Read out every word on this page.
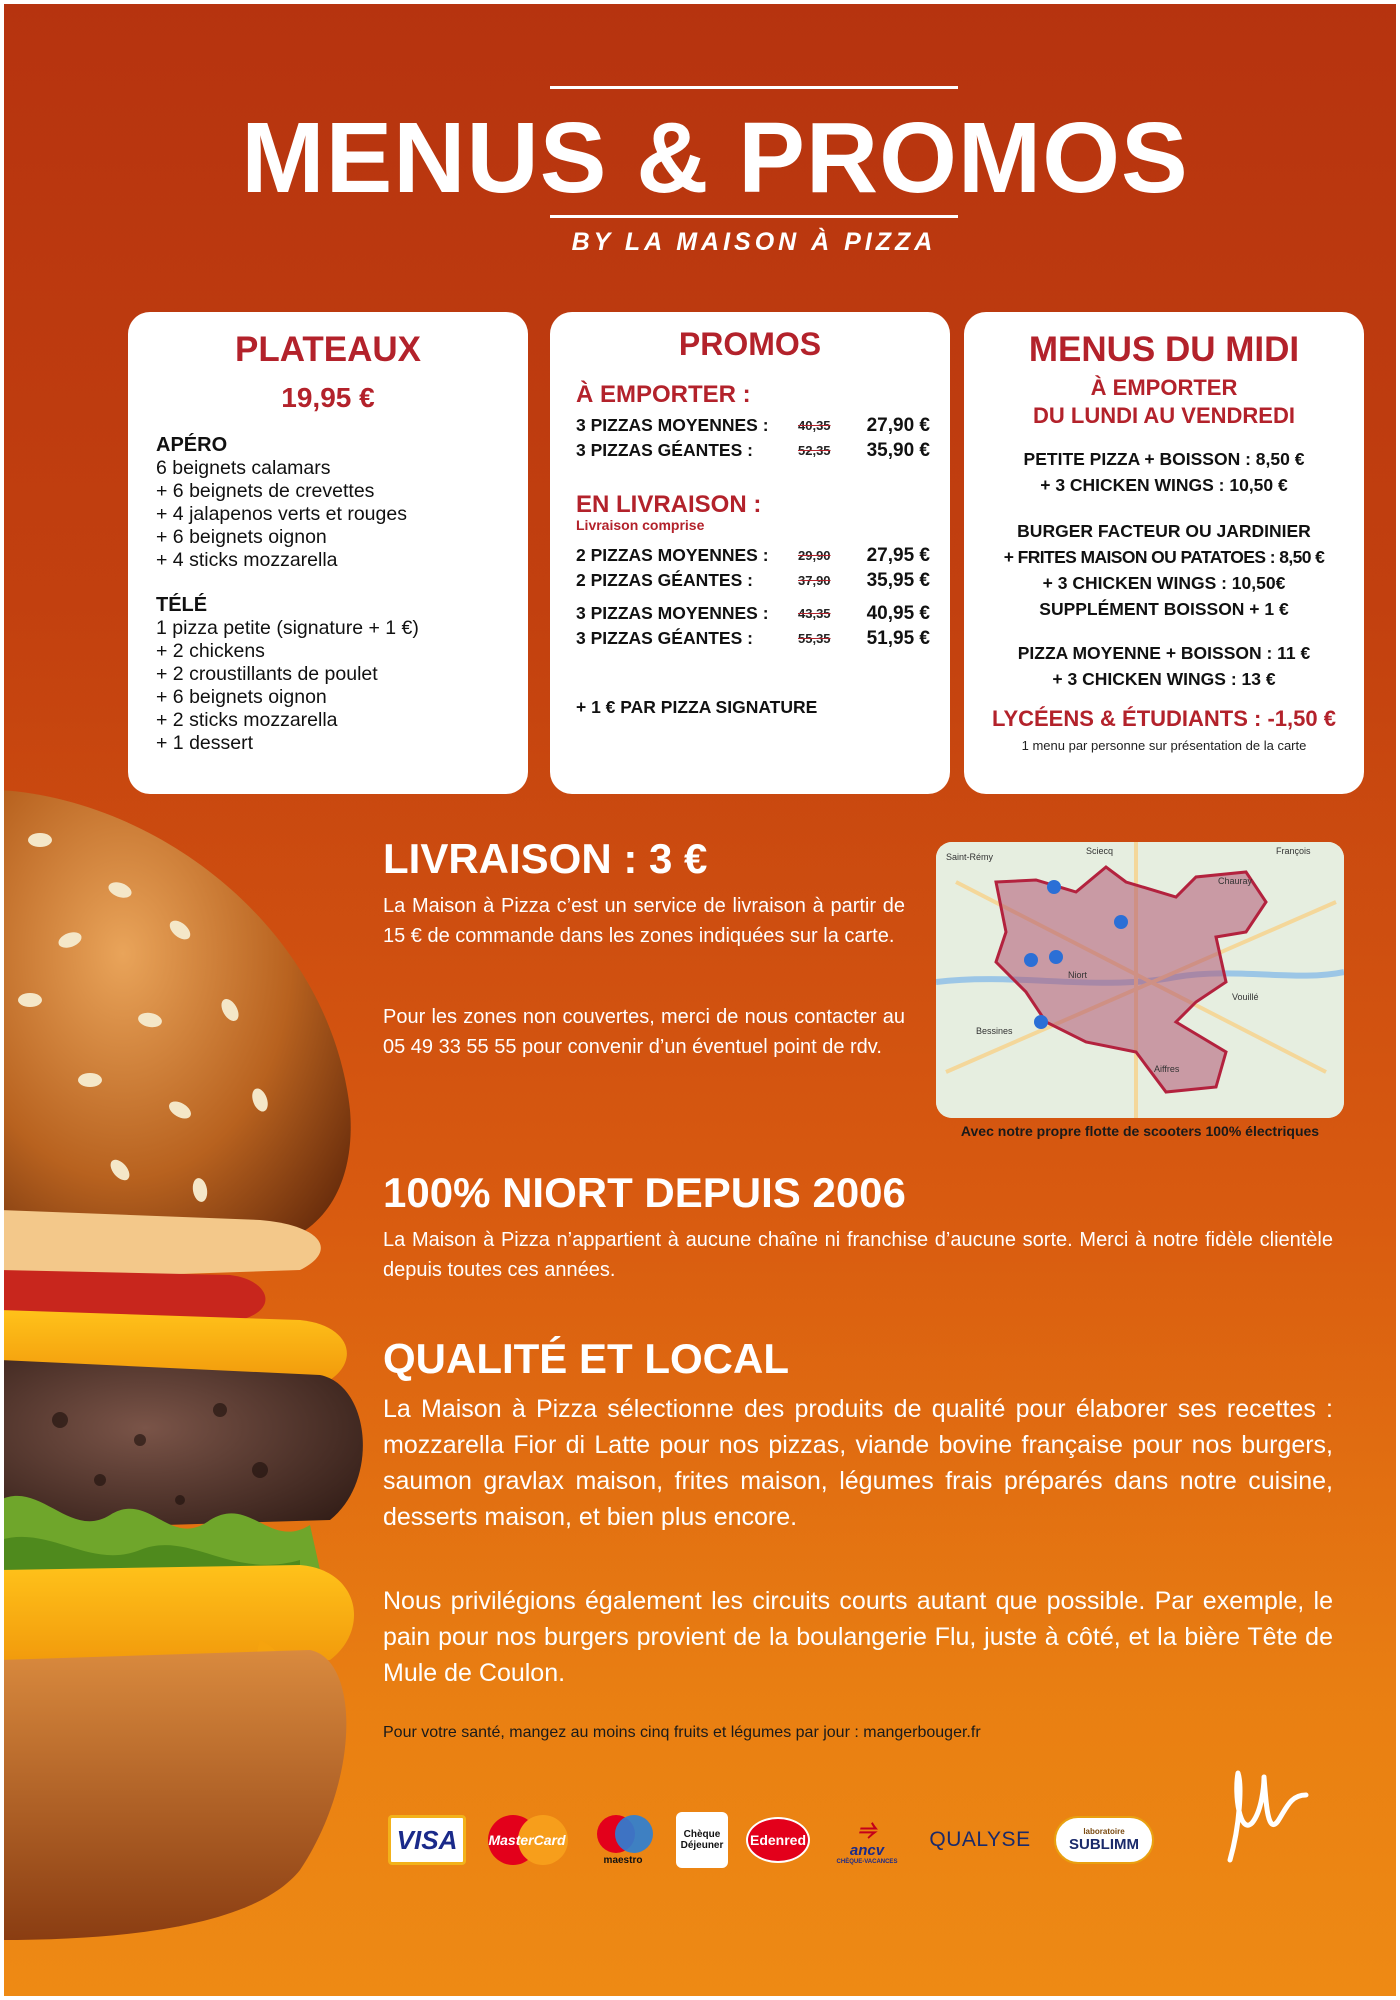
MENUS & PROMOS
BY LA MAISON À PIZZA
PLATEAUX
19,95 €
APÉRO
6 beignets calamars
+ 6 beignets de crevettes
+ 4 jalapenos verts et rouges
+ 6 beignets oignon
+ 4 sticks mozzarella
TÉLÉ
1 pizza petite (signature + 1 €)
+ 2 chickens
+ 2 croustillants de poulet
+ 6 beignets oignon
+ 2 sticks mozzarella
+ 1 dessert
PROMOS
À EMPORTER :
3 PIZZAS MOYENNES :	40,35	27,90 €
3 PIZZAS GÉANTES :	52,35	35,90 €
EN LIVRAISON :
Livraison comprise
2 PIZZAS MOYENNES :	29,90	27,95 €
2 PIZZAS GÉANTES :	37,90	35,95 €
3 PIZZAS MOYENNES :	43,35	40,95 €
3 PIZZAS GÉANTES :	55,35	51,95 €
+ 1 € PAR PIZZA SIGNATURE
MENUS DU MIDI
À EMPORTER
DU LUNDI AU VENDREDI
PETITE PIZZA + BOISSON : 8,50 €
+ 3 CHICKEN WINGS : 10,50 €
BURGER FACTEUR OU JARDINIER
+ FRITES MAISON OU PATATOES : 8,50 €
+ 3 CHICKEN WINGS : 10,50€
SUPPLÉMENT BOISSON + 1 €
PIZZA MOYENNE + BOISSON : 11 €
+ 3 CHICKEN WINGS : 13 €
LYCÉENS & ÉTUDIANTS : -1,50 €
1 menu par personne sur présentation de la carte
LIVRAISON : 3 €

La Maison à Pizza c’est un service de livraison à partir de 15 € de commande dans les zones indiquées sur la carte.

Pour les zones non couvertes, merci de nous contacter au 05 49 33 55 55 pour convenir d’un éventuel point de rdv.

Saint-Rémy
Sciecq	François
Chauray
Niort
Vouillé
Bessines
Aiffres
Avec notre propre flotte de scooters 100% électriques
100% NIORT DEPUIS 2006

La Maison à Pizza n’appartient à aucune chaîne ni franchise d’aucune sorte. Merci à notre fidèle clientèle depuis toutes ces années.

QUALITÉ ET LOCAL

La Maison à Pizza sélectionne des produits de qualité pour élaborer ses recettes : mozzarella Fior di Latte pour nos pizzas, viande bovine française pour nos burgers, saumon gravlax maison, frites maison, légumes frais préparés dans notre cuisine, desserts maison, et bien plus encore.

Nous privilégions également les circuits courts autant que possible. Par exemple, le pain pour nos burgers provient de la boulangerie Flu, juste à côté, et la bière Tête de Mule de Coulon.

Pour votre santé, mangez au moins cinq fruits et légumes par jour : mangerbouger.fr
VISA MasterCard
maestro
Chèque Déjeuner Edenred ⥤
ancv
CHÈQUE-VACANCES
QUALYSE	laboratoire
SUBLIMM
